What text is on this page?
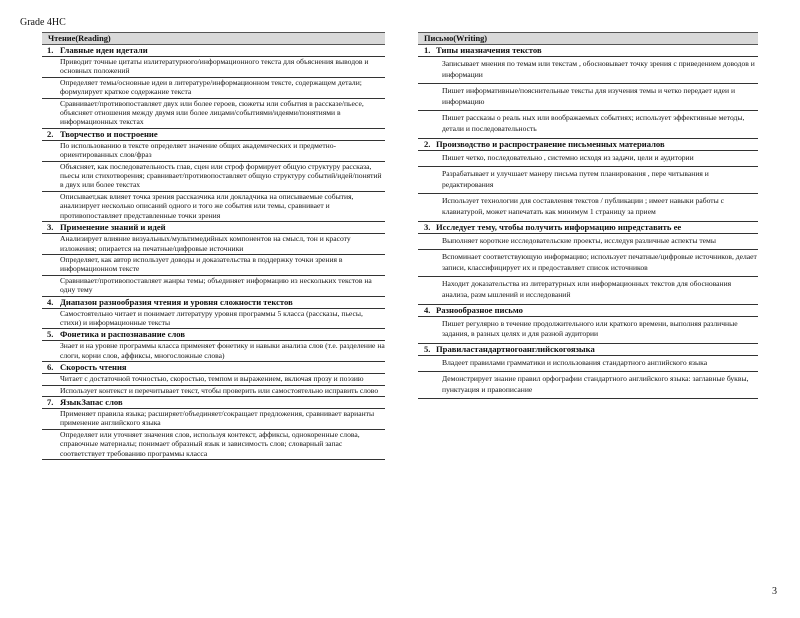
Grade 4HC
Чтение(Reading)
1. Главные идеи идетали
Приводит точные цитаты излитературного/информационного текста для объяснения выводов и основных положений
Определяет темы/основные идеи в литературе/информационном тексте, содержащем детали; формулирует краткое содержание текста
Сравнивает/противопоставляет двух или более героев, сюжеты или события в рассказе/пьесе, объясняет отношения между двумя или более лицами/событиями/идеями/понятиями в информационных текстах
2. Творчество и построение
По использованию в тексте определяет значение общих академических и предметно-ориентированных слов/фраз
Объясняет, как последовательность глав, сцен или строф формирует общую структуру рассказа, пьесы или стихотворения; сравнивает/противопоставляет общую структуру событий/идей/понятий в двух или более текстах
Описывает,как влияет точка зрения рассказчика или докладчика на описываемые события, анализирует несколько описаний одного и того же события или темы, сравнивает и противопоставляет представленные точки зрения
3. Применение знаний и идей
Анализирует влияние визуальных/мультимедийных компонентов на смысл, тон и красоту изложения; опирается на печатные/цифровые источники
Определяет, как автор использует доводы и доказательства в поддержку точки зрения в информационном тексте
Сравнивает/противопоставляет жанры темы; объединяет информацию из нескольких текстов на одну тему
4. Диапазон разнообразия чтения и уровня сложности текстов
Самостоятельно читает и понимает литературу уровня программы 5 класса (рассказы, пьесы, стихи) и информационные тексты
5. Фонетика и распознавание слов
Знает и на уровне программы класса применяет фонетику и навыки анализа слов (т.е. разделение на слоги, корни слов, аффиксы, многосложные слова)
6. Скорость чтения
Читает с достаточной точностью, скоростью, темпом и выражением, включая прозу и поэзию
Использует контекст и перечитывает текст, чтобы проверить или самостоятельно исправить слово
7. ЯзыкЗапас слов
Применяет правила языка; расширяет/объединяет/сокращает предложения, сравнивает варианты применение английского языка
Определяет или уточняет значения слов, используя контекст, аффиксы, однокоренные слова, справочные материалы; понимает образный язык и зависимость слов; словарный запас соответствует требованию программы класса
Письмо(Writing)
1. Типы иназначения текстов
Записывает мнения по темам или текстам , обосновывает точку зрения с приведением доводов и информации
Пишет информативные/пояснительные тексты для изучения темы и четко передает идеи и информацию
Пишет рассказы о реаль ных или воображаемых событиях; использует эффективные методы, детали и последовательность
2. Производство и распространение письменных материалов
Пишет четко, последовательно , системно исходя из задачи, цели и аудитории
Разрабатывает и улучшает манеру письма путем планирования , пере читывания и редактирования
Использует технологии для составления текстов / публикации ; имеет навыки работы с клавиатурой, может напечатать как минимум 1 страницу за прием
3. Исследует тему, чтобы получить информацию ипредставить ее
Выполняет короткие исследовательские проекты, исследуя различные аспекты темы
Вспоминает соответствующую информацию; использует печатные/цифровые источников, делает записи, классифицирует их и предоставляет список источников
Находит доказательства из литературных или информационных текстов для обоснования анализа, разм ышлений и исследований
4. Разнообразное письмо
Пишет регулярно в течение продолжительного или краткого времени, выполняя различные задания, в разных целях и для разной аудитории
5. Правиластандартногоанглийскогоязыка
Владеет правилами грамматики и использования стандартного английского языка
Демонстрирует знание правил орфографии стандартного английского языка: заглавные буквы, пунктуация и правописание
3
